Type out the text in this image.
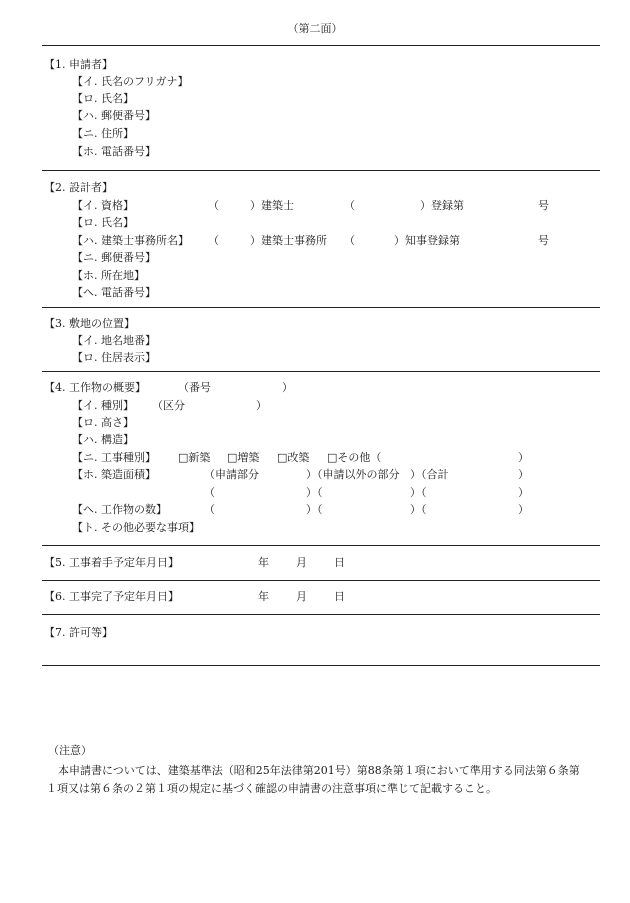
（第二面）
【1. 申請者】
【イ. 氏名のフリガナ】
【ロ. 氏名】
【ハ. 郵便番号】
【ニ. 住所】
【ホ. 電話番号】
【2. 設計者】
【イ. 資格】	（	）建築士	（	）登録第	号
【ロ. 氏名】
【ハ. 建築士事務所名】 （	）建築士事務所 （	）知事登録第	号
【ニ. 郵便番号】
【ホ. 所在地】
【ヘ. 電話番号】
【3. 敷地の位置】
【イ. 地名地番】
【ロ. 住居表示】
【4. 工作物の概要】	（番号	）
【イ. 種別】 （区分	）
【ロ. 高さ】
【ハ. 構造】
【ニ. 工事種別】 □新築 □増築 □改築 □その他（	）
【ホ. 築造面積】	（申請部分	）（申請以外の部分 ）（合計	）
（	）（	）（	）
【ヘ. 工作物の数】	（	）（	）（	）
【ト. その他必要な事項】
【5. 工事着手予定年月日】	年 月 日
【6. 工事完了予定年月日】	年 月 日
【7. 許可等】
（注意）
本申請書については、建築基準法（昭和25年法律第201号）第88条第１項において準用する同法第６条第１項又は第６条の２第１項の規定に基づく確認の申請書の注意事項に準じて記載すること。
